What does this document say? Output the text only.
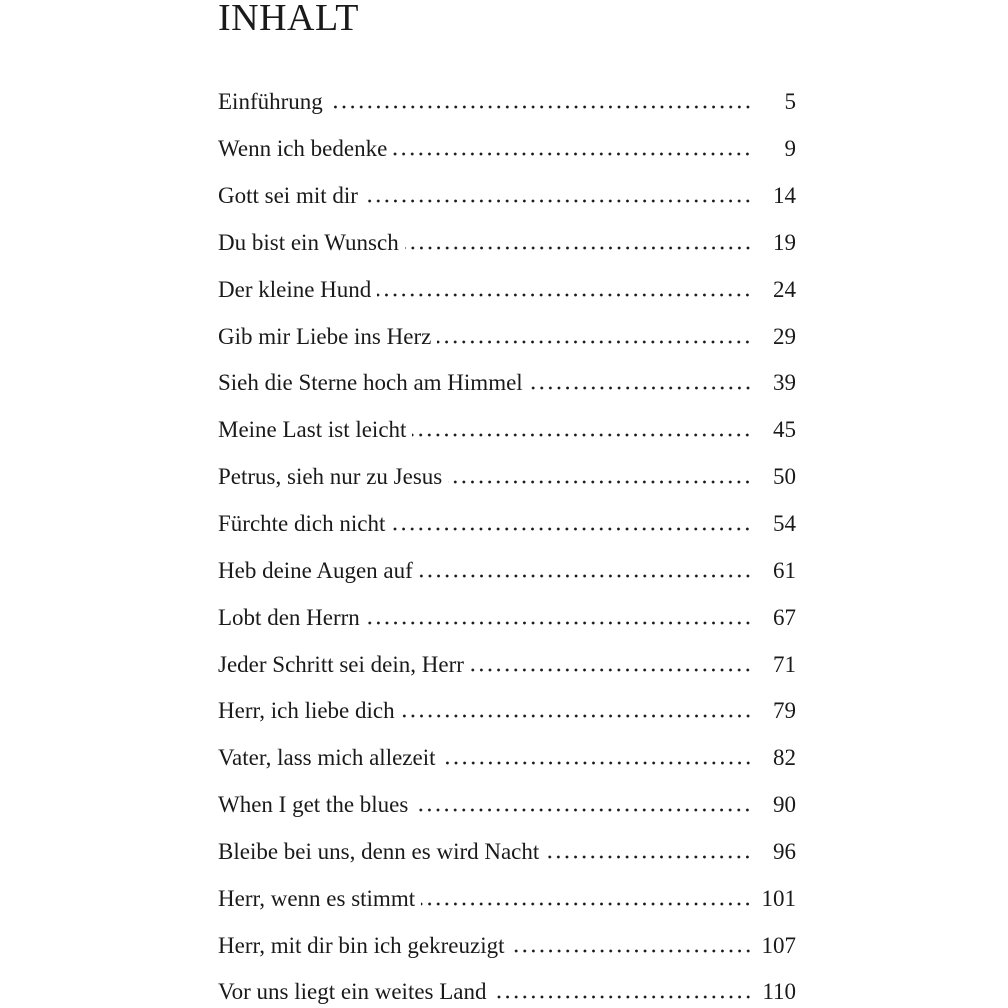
INHALT
Einführung	5
Wenn ich bedenke	9
Gott sei mit dir	14
Du bist ein Wunsch	19
Der kleine Hund	24
Gib mir Liebe ins Herz	29
Sieh die Sterne hoch am Himmel	39
Meine Last ist leicht	45
Petrus, sieh nur zu Jesus	50
Fürchte dich nicht	54
Heb deine Augen auf	61
Lobt den Herrn	67
Jeder Schritt sei dein, Herr	71
Herr, ich liebe dich	79
Vater, lass mich allezeit	82
When I get the blues	90
Bleibe bei uns, denn es wird Nacht	96
Herr, wenn es stimmt	101
Herr, mit dir bin ich gekreuzigt	107
Vor uns liegt ein weites Land	110
